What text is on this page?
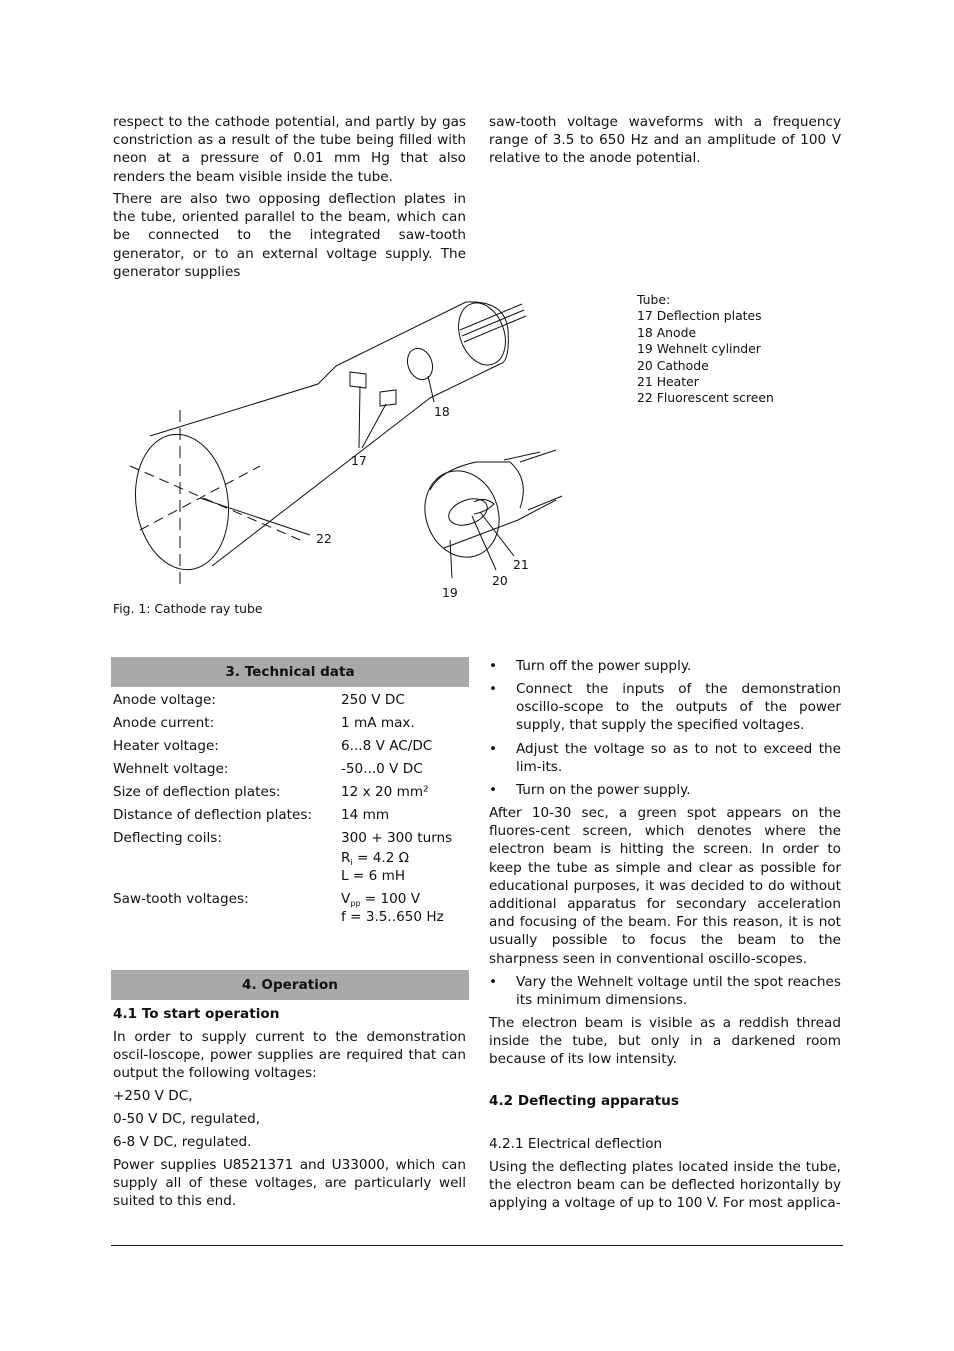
respect to the cathode potential, and partly by gas constriction as a result of the tube being filled with neon at a pressure of 0.01 mm Hg that also renders the beam visible inside the tube.

There are also two opposing deflection plates in the tube, oriented parallel to the beam, which can be connected to the integrated saw-tooth generator, or to an external voltage supply. The generator supplies

saw-tooth voltage waveforms with a frequency range of 3.5 to 650 Hz and an amplitude of 100 V relative to the anode potential.

18
17
22
21
20
19
Tube:
17 Deflection plates
18 Anode
19 Wehnelt cylinder
20 Cathode
21 Heater
22 Fluorescent screen
Fig. 1: Cathode ray tube
3. Technical data
Anode voltage:	250 V DC
Anode current:	1 mA max.
Heater voltage:	6...8 V AC/DC
Wehnelt voltage:	-50...0 V DC
Size of deflection plates:	12 x 20 mm²
Distance of deflection plates: 14 mm
Deflecting coils:	300 + 300 turns
$R_i = 4.2$ Ω
L = 6 mH
Saw-tooth voltages:	$V_{pp} = 100$ V
f = 3.5..650 Hz
4. Operation
4.1 To start operation

In order to supply current to the demonstration oscil-loscope, power supplies are required that can output the following voltages:

+250 V DC,
0-50 V DC, regulated,
6-8 V DC, regulated.

Power supplies U8521371 and U33000, which can supply all of these voltages, are particularly well suited to this end.

• Turn off the power supply.
• Connect the inputs of the demonstration oscillo-scope to the outputs of the power supply, that supply the specified voltages.
• Adjust the voltage so as to not to exceed the lim-its.
• Turn on the power supply.

After 10-30 sec, a green spot appears on the fluores-cent screen, which denotes where the electron beam is hitting the screen. In order to keep the tube as simple and clear as possible for educational purposes, it was decided to do without additional apparatus for secondary acceleration and focusing of the beam. For this reason, it is not usually possible to focus the beam to the sharpness seen in conventional oscillo-scopes.

• Vary the Wehnelt voltage until the spot reaches its minimum dimensions.

The electron beam is visible as a reddish thread inside the tube, but only in a darkened room because of its low intensity.

4.2 Deflecting apparatus
4.2.1 Electrical deflection

Using the deflecting plates located inside the tube, the electron beam can be deflected horizontally by applying a voltage of up to 100 V. For most applica-
